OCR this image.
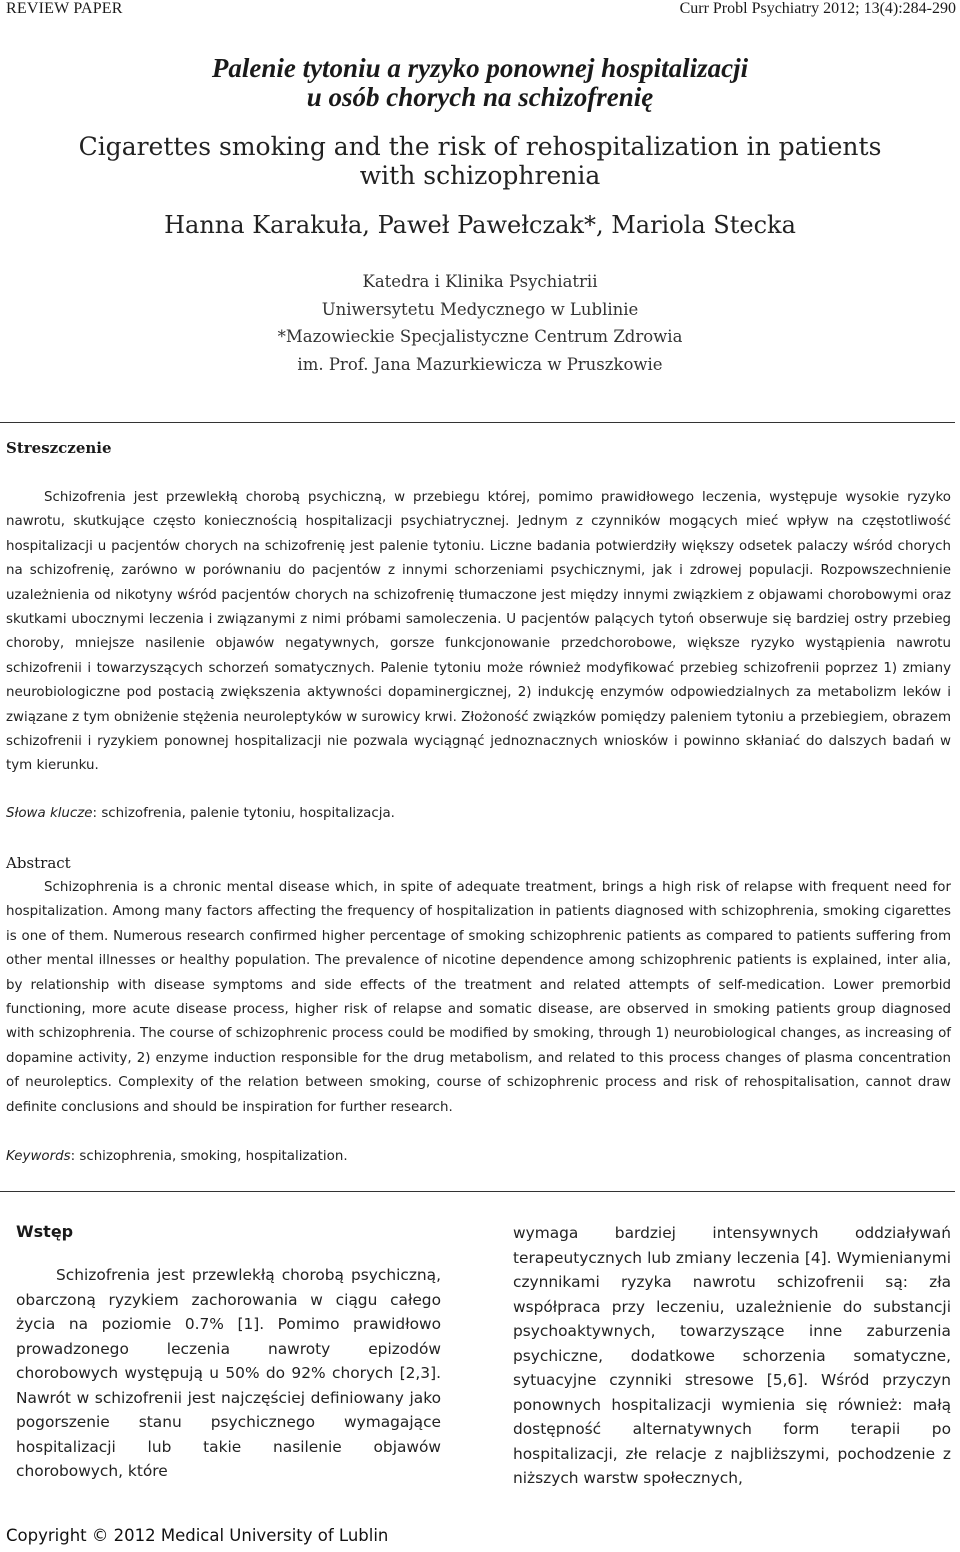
REVIEW PAPER	Curr Probl Psychiatry 2012; 13(4):284-290
Palenie tytoniu a ryzyko ponownej hospitalizacji
u osób chorych na schizofrenię
Cigarettes smoking and the risk of rehospitalization in patients
with schizophrenia
Hanna Karakuła, Paweł Pawełczak*, Mariola Stecka
Katedra i Klinika Psychiatrii
Uniwersytetu Medycznego w Lublinie
*Mazowieckie Specjalistyczne Centrum Zdrowia
im. Prof. Jana Mazurkiewicza w Pruszkowie
Streszczenie
Schizofrenia jest przewlekłą chorobą psychiczną, w przebiegu której, pomimo prawidłowego leczenia, występuje wysokie ryzyko nawrotu, skutkujące często koniecznością hospitalizacji psychiatrycznej. Jednym z czynników mogących mieć wpływ na częstotliwość hospitalizacji u pacjentów chorych na schizofrenię jest palenie tytoniu. Liczne badania potwierdziły większy odsetek palaczy wśród chorych na schizofrenię, zarówno w porównaniu do pacjentów z innymi schorzeniami psychicznymi, jak i zdrowej populacji. Rozpowszechnienie uzależnienia od nikotyny wśród pacjentów chorych na schizofrenię tłumaczone jest między innymi związkiem z objawami chorobowymi oraz skutkami ubocznymi leczenia i związanymi z nimi próbami samoleczenia. U pacjentów palących tytoń obserwuje się bardziej ostry przebieg choroby, mniejsze nasilenie objawów negatywnych, gorsze funkcjonowanie przedchorobowe, większe ryzyko wystąpienia nawrotu schizofrenii i towarzyszących schorzeń somatycznych. Palenie tytoniu może również modyfikować przebieg schizofrenii poprzez 1) zmiany neurobiologiczne pod postacią zwiększenia aktywności dopaminergicznej, 2) indukcję enzymów odpowiedzialnych za metabolizm leków i związane z tym obniżenie stężenia neuroleptyków w surowicy krwi. Złożoność związków pomiędzy paleniem tytoniu a przebiegiem, obrazem schizofrenii i ryzykiem ponownej hospitalizacji nie pozwala wyciągnąć jednoznacznych wniosków i powinno skłaniać do dalszych badań w tym kierunku.
Słowa klucze: schizofrenia, palenie tytoniu, hospitalizacja.
Abstract
Schizophrenia is a chronic mental disease which, in spite of adequate treatment, brings a high risk of relapse with frequent need for hospitalization. Among many factors affecting the frequency of hospitalization in patients diagnosed with schizophrenia, smoking cigarettes is one of them. Numerous research confirmed higher percentage of smoking schizophrenic patients as compared to patients suffering from other mental illnesses or healthy population. The prevalence of nicotine dependence among schizophrenic patients is explained, inter alia, by relationship with disease symptoms and side effects of the treatment and related attempts of self-medication. Lower premorbid functioning, more acute disease process, higher risk of relapse and somatic disease, are observed in smoking patients group diagnosed with schizophrenia. The course of schizophrenic process could be modified by smoking, through 1) neurobiological changes, as increasing of dopamine activity, 2) enzyme induction responsible for the drug metabolism, and related to this process changes of plasma concentration of neuroleptics. Complexity of the relation between smoking, course of schizophrenic process and risk of rehospitalisation, cannot draw definite conclusions and should be inspiration for further research.
Keywords: schizophrenia, smoking, hospitalization.
Wstęp
Schizofrenia jest przewlekłą chorobą psychiczną, obarczoną ryzykiem zachorowania w ciągu całego życia na poziomie 0.7% [1]. Pomimo prawidłowo prowadzonego leczenia nawroty epizodów chorobowych występują u 50% do 92% chorych [2,3]. Nawrót w schizofrenii jest najczęściej definiowany jako pogorszenie stanu psychicznego wymagające hospitalizacji lub takie nasilenie objawów chorobowych, które
wymaga bardziej intensywnych oddziaływań terapeutycznych lub zmiany leczenia [4]. Wymienianymi czynnikami ryzyka nawrotu schizofrenii są: zła współpraca przy leczeniu, uzależnienie do substancji psychoaktywnych, towarzyszące inne zaburzenia psychiczne, dodatkowe schorzenia somatyczne, sytuacyjne czynniki stresowe [5,6]. Wśród przyczyn ponownych hospitalizacji wymienia się również: małą dostępność alternatywnych form terapii po hospitalizacji, złe relacje z najbliższymi, pochodzenie z niższych warstw społecznych,
Copyright © 2012 Medical University of Lublin
